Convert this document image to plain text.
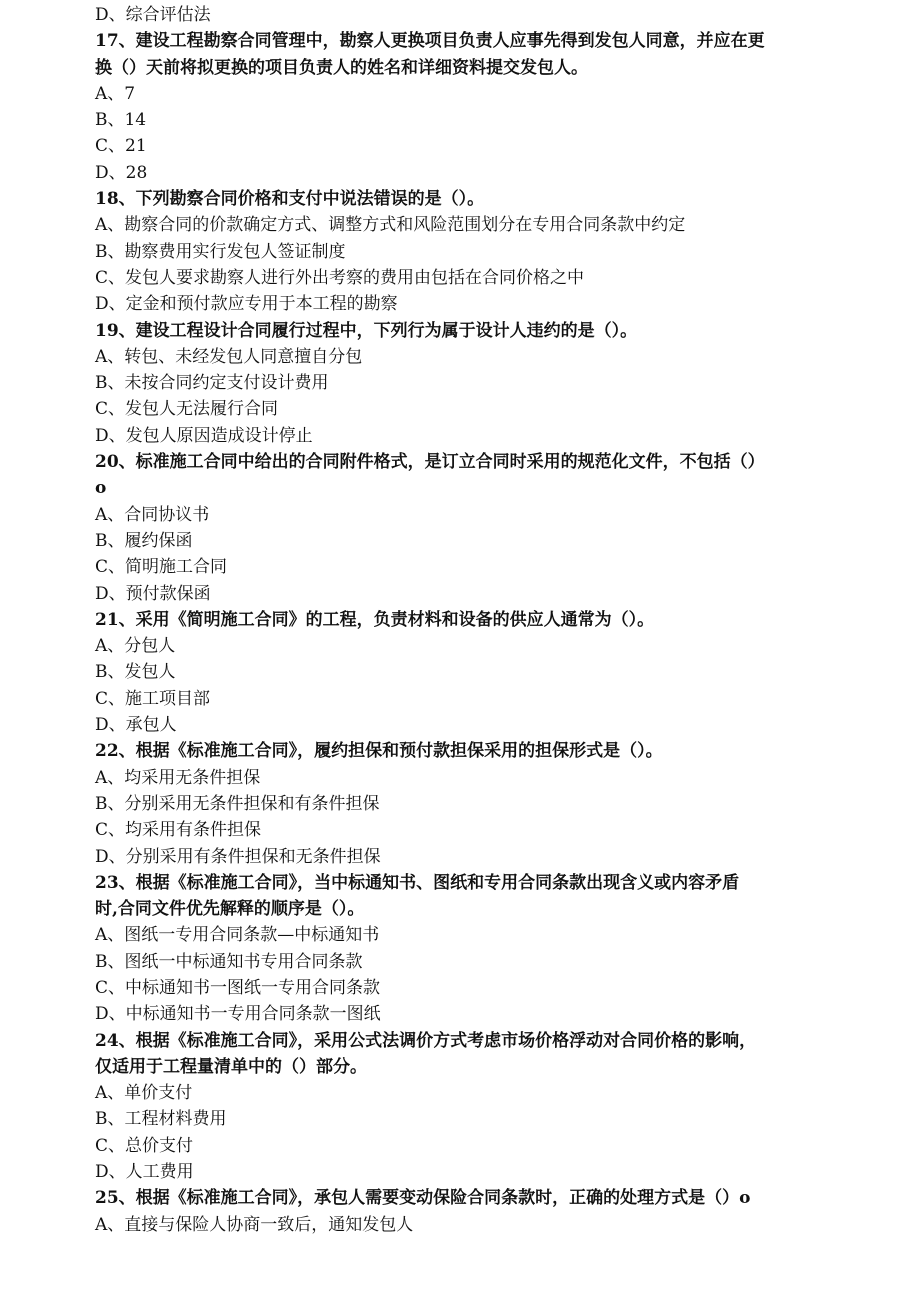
D、综合评估法
17、建设工程勘察合同管理中，勘察人更换项目负责人应事先得到发包人同意，并应在更
换（）天前将拟更换的项目负责人的姓名和详细资料提交发包人。
A、7
B、14
C、21
D、28
18、下列勘察合同价格和支付中说法错误的是（）。
A、勘察合同的价款确定方式、调整方式和风险范围划分在专用合同条款中约定
B、勘察费用实行发包人签证制度
C、发包人要求勘察人进行外出考察的费用由包括在合同价格之中
D、定金和预付款应专用于本工程的勘察
19、建设工程设计合同履行过程中，下列行为属于设计人违约的是（）。
A、转包、未经发包人同意擅自分包
B、未按合同约定支付设计费用
C、发包人无法履行合同
D、发包人原因造成设计停止
20、标准施工合同中给出的合同附件格式，是订立合同时采用的规范化文件，不包括（）
o
A、合同协议书
B、履约保函
C、简明施工合同
D、预付款保函
21、采用《简明施工合同》的工程，负责材料和设备的供应人通常为（）。
A、分包人
B、发包人
C、施工项目部
D、承包人
22、根据《标准施工合同》，履约担保和预付款担保采用的担保形式是（）。
A、均采用无条件担保
B、分别采用无条件担保和有条件担保
C、均采用有条件担保
D、分别采用有条件担保和无条件担保
23、根据《标准施工合同》，当中标通知书、图纸和专用合同条款出现含义或内容矛盾
时,合同文件优先解释的顺序是（）。
A、图纸一专用合同条款—中标通知书
B、图纸一中标通知书专用合同条款
C、中标通知书一图纸一专用合同条款
D、中标通知书一专用合同条款一图纸
24、根据《标准施工合同》，采用公式法调价方式考虑市场价格浮动对合同价格的影响，
仅适用于工程量清单中的（）部分。
A、单价支付
B、工程材料费用
C、总价支付
D、人工费用
25、根据《标准施工合同》，承包人需要变动保险合同条款时，正确的处理方式是（）o
A、直接与保险人协商一致后，通知发包人
